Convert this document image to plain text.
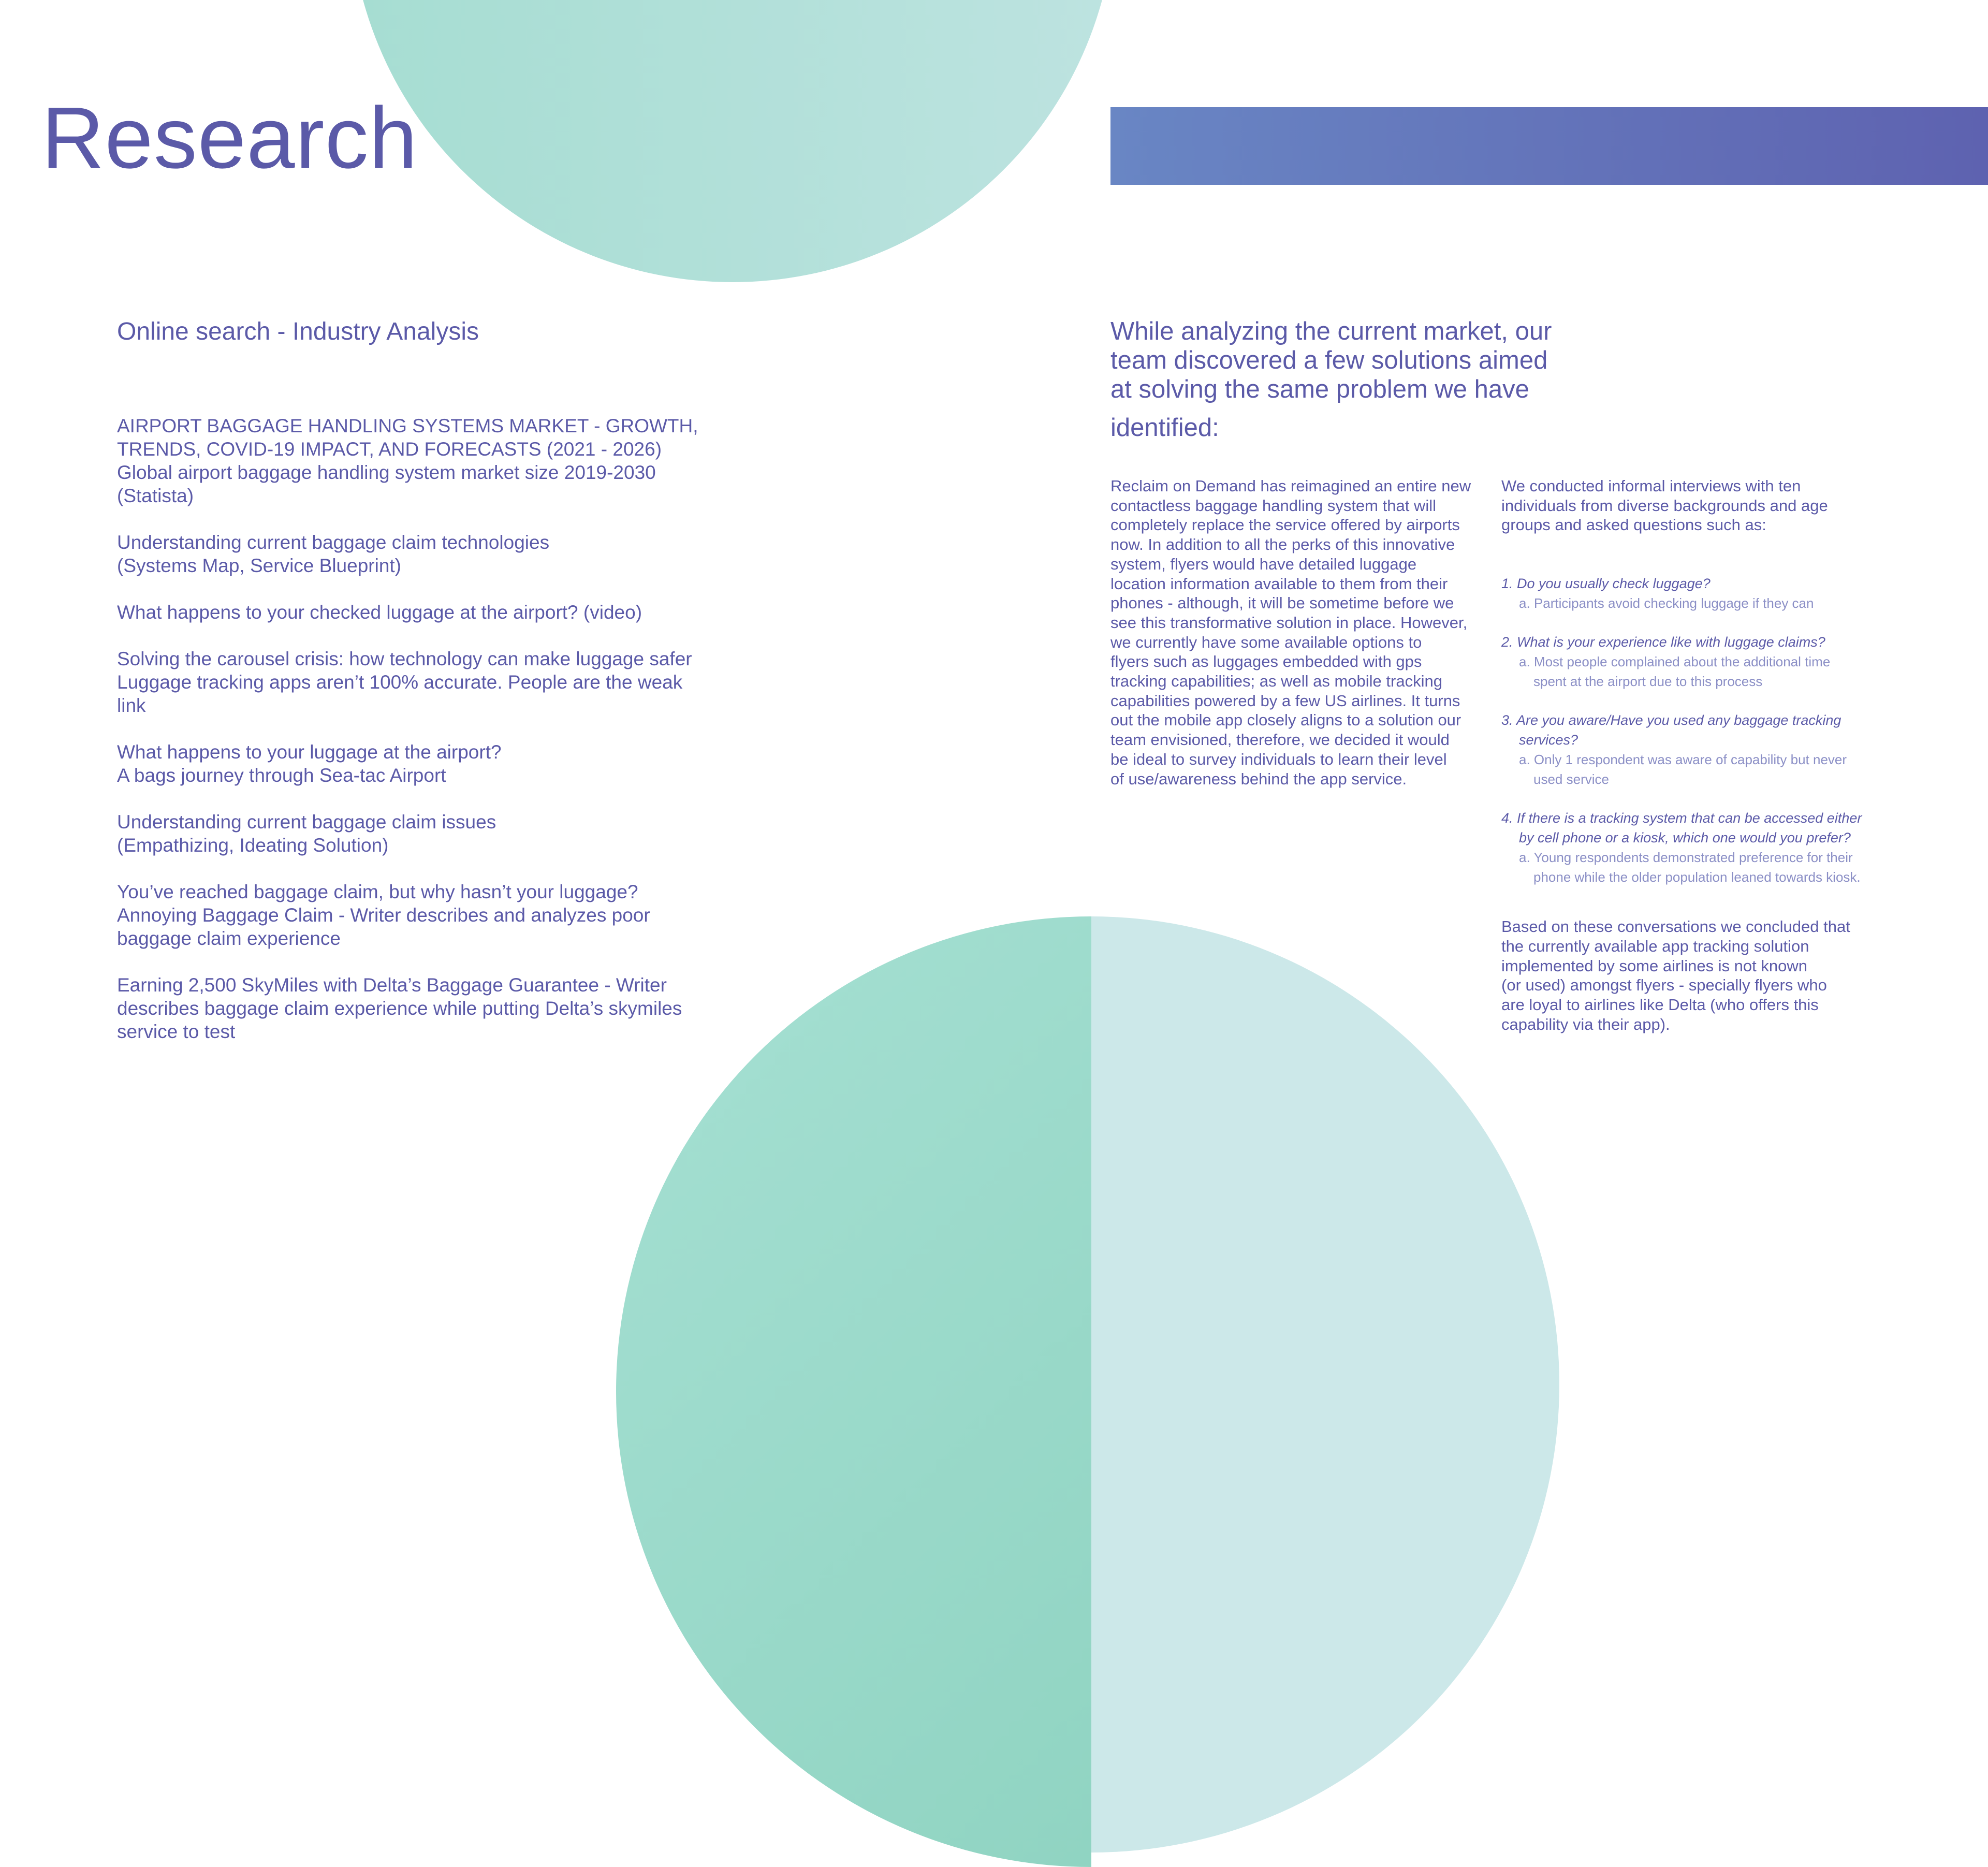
Research

Online search - Industry Analysis

AIRPORT BAGGAGE HANDLING SYSTEMS MARKET - GROWTH,
TRENDS, COVID-19 IMPACT, AND FORECASTS (2021 - 2026)
Global airport baggage handling system market size 2019-2030
(Statista)

Understanding current baggage claim technologies
(Systems Map, Service Blueprint)

What happens to your checked luggage at the airport? (video)

Solving the carousel crisis: how technology can make luggage safer
Luggage tracking apps aren’t 100% accurate. People are the weak
link

What happens to your luggage at the airport?
A bags journey through Sea-tac Airport

Understanding current baggage claim issues
(Empathizing, Ideating Solution)

You’ve reached baggage claim, but why hasn’t your luggage?
Annoying Baggage Claim - Writer describes and analyzes poor
baggage claim experience

Earning 2,500 SkyMiles with Delta’s Baggage Guarantee - Writer
describes baggage claim experience while putting Delta’s skymiles
service to test

While analyzing the current market, our
team discovered a few solutions aimed
at solving the same problem we have
identified:

Reclaim on Demand has reimagined an entire new
contactless baggage handling system that will
completely replace the service offered by airports
now. In addition to all the perks of this innovative
system, flyers would have detailed luggage
location information available to them from their
phones - although, it will be sometime before we
see this transformative solution in place. However,
we currently have some available options to
flyers such as luggages embedded with gps
tracking capabilities; as well as mobile tracking
capabilities powered by a few US airlines. It turns
out the mobile app closely aligns to a solution our
team envisioned, therefore, we decided it would
be ideal to survey individuals to learn their level
of use/awareness behind the app service.

We conducted informal interviews with ten
individuals from diverse backgrounds and age
groups and asked questions such as:

1. Do you usually check luggage?

a. Participants avoid checking luggage if they can

2. What is your experience like with luggage claims?

a. Most people complained about the additional time
spent at the airport due to this process

3. Are you aware/Have you used any baggage tracking
services?

a. Only 1 respondent was aware of capability but never
used service

4. If there is a tracking system that can be accessed either
by cell phone or a kiosk, which one would you prefer?

a. Young respondents demonstrated preference for their
phone while the older population leaned towards kiosk.

Based on these conversations we concluded that
the currently available app tracking solution
implemented by some airlines is not known
(or used) amongst flyers - specially flyers who
are loyal to airlines like Delta (who offers this
capability via their app).
